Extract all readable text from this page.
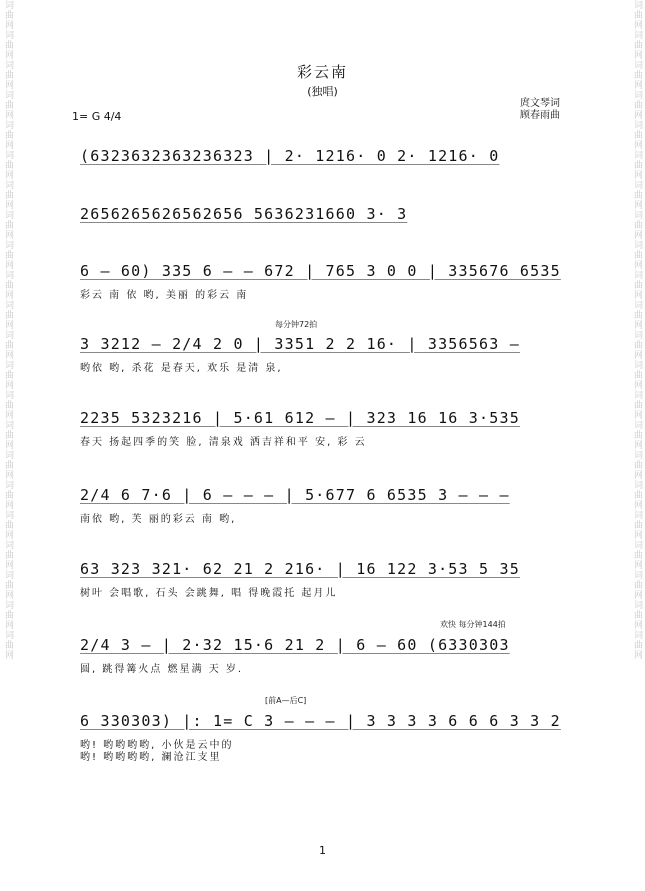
词曲网词曲网词曲网词曲网词曲网词曲网词曲网词曲网词曲网词曲网词曲网词曲网词曲网词曲网词曲网词曲网词曲网词曲网词曲网词曲网词曲网词曲网	词曲网词曲网词曲网词曲网词曲网词曲网词曲网词曲网词曲网词曲网词曲网词曲网词曲网词曲网词曲网词曲网词曲网词曲网词曲网词曲网词曲网词曲网
彩云南
(独唱)
1= G 4/4
庹文琴词
顾春雨曲
(6323632363236323 | 2· 1216· 0 2· 1216· 0
2656265626562656 5636231660 3· 3
6 — 60) 335 6 — — 672 | 765 3 0 0 | 335676 6535
彩云 南 依 哟, 美丽 的彩云 南
每分钟72拍
3 3212 — 2/4 2 0 | 3351 2 2 16· | 3356563 —
哟依 哟, 杀花 是春天, 欢乐 是清 泉,
2235 5323216 | 5·61 612 — | 323 16 16 3·535
春天 扬起四季的笑 脸, 清泉戏 洒吉祥和平 安, 彩 云
2/4 6 7·6 | 6 — — — | 5·677 6 6535 3 — — —
南依 哟, 芙 丽的彩云 南 哟,
63 323 321· 62 21 2 216· | 16 122 3·53 5 35
树叶 会唱歌, 石头 会跳舞, 唱 得晚霞托 起月儿
欢快 每分钟144拍
2/4 3 — | 2·32 15·6 21 2 | 6 — 60 (6330303
圆, 跳得篝火点 燃星满 天 岁.
[前A—后C]
6 330303) |: 1= C 3 — — — | 3 3 3 3 6 6 6 3 3 2
哟! 哟哟哟哟, 小伙是云中的
哟! 哟哟哟哟, 澜沧江支里
1
